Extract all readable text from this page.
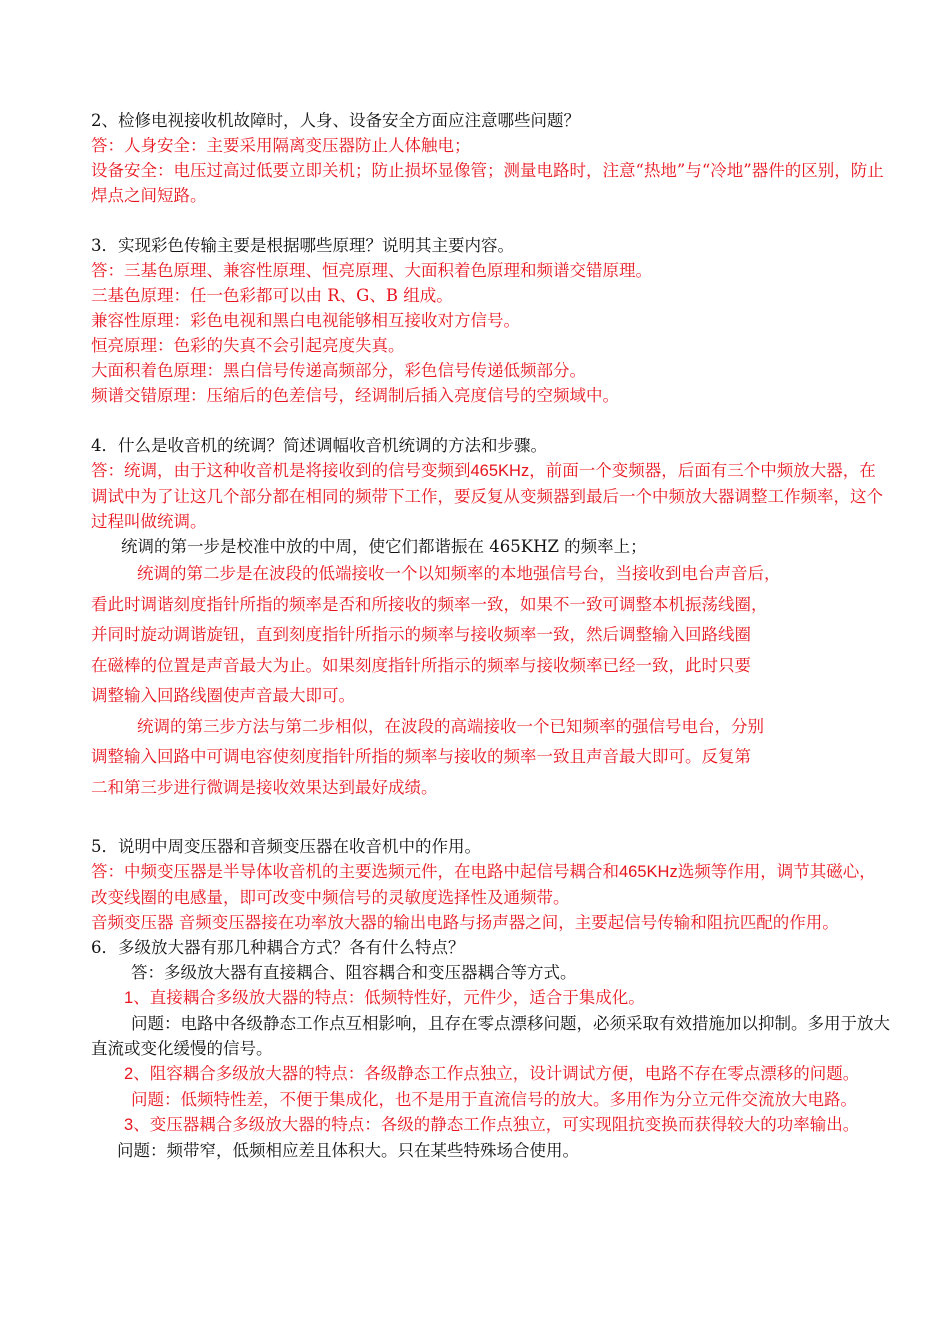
2、检修电视接收机故障时，人身、设备安全方面应注意哪些问题？

答：人身安全：主要采用隔离变压器防止人体触电；

设备安全：电压过高过低要立即关机；防止损坏显像管；测量电路时，注意“热地”与“冷地”器件的区别，防止焊点之间短路。

3．实现彩色传输主要是根据哪些原理？说明其主要内容。

答：三基色原理、兼容性原理、恒亮原理、大面积着色原理和频谱交错原理。

三基色原理：任一色彩都可以由 R、G、B 组成。

兼容性原理：彩色电视和黑白电视能够相互接收对方信号。

恒亮原理：色彩的失真不会引起亮度失真。

大面积着色原理：黑白信号传递高频部分，彩色信号传递低频部分。

频谱交错原理：压缩后的色差信号，经调制后插入亮度信号的空频域中。

4．什么是收音机的统调？简述调幅收音机统调的方法和步骤。

答：统调，由于这种收音机是将接收到的信号变频到465KHz，前面一个变频器，后面有三个中频放大器，在调试中为了让这几个部分都在相同的频带下工作，要反复从变频器到最后一个中频放大器调整工作频率，这个过程叫做统调。

统调的第一步是校准中放的中周，使它们都谐振在 465KHZ 的频率上；

统调的第二步是在波段的低端接收一个以知频率的本地强信号台，当接收到电台声音后，

看此时调谐刻度指针所指的频率是否和所接收的频率一致，如果不一致可调整本机振荡线圈，

并同时旋动调谐旋钮，直到刻度指针所指示的频率与接收频率一致，然后调整输入回路线圈

在磁棒的位置是声音最大为止。如果刻度指针所指示的频率与接收频率已经一致，此时只要

调整输入回路线圈使声音最大即可。

统调的第三步方法与第二步相似，在波段的高端接收一个已知频率的强信号电台，分别

调整输入回路中可调电容使刻度指针所指的频率与接收的频率一致且声音最大即可。反复第

二和第三步进行微调是接收效果达到最好成绩。

5．说明中周变压器和音频变压器在收音机中的作用。

答：中频变压器是半导体收音机的主要选频元件，在电路中起信号耦合和465KHz选频等作用，调节其磁心，改变线圈的电感量，即可改变中频信号的灵敏度选择性及通频带。

音频变压器 音频变压器接在功率放大器的输出电路与扬声器之间，主要起信号传输和阻抗匹配的作用。

6．多级放大器有那几种耦合方式？各有什么特点？

答：多级放大器有直接耦合、阻容耦合和变压器耦合等方式。

1、直接耦合多级放大器的特点：低频特性好，元件少，适合于集成化。

问题：电路中各级静态工作点互相影响，且存在零点漂移问题，必须采取有效措施加以抑制。多用于放大直流或变化缓慢的信号。

2、阻容耦合多级放大器的特点：各级静态工作点独立，设计调试方便，电路不存在零点漂移的问题。

问题：低频特性差，不便于集成化，也不是用于直流信号的放大。多用作为分立元件交流放大电路。

3、变压器耦合多级放大器的特点：各级的静态工作点独立，可实现阻抗变换而获得较大的功率输出。

问题：频带窄，低频相应差且体积大。只在某些特殊场合使用。
